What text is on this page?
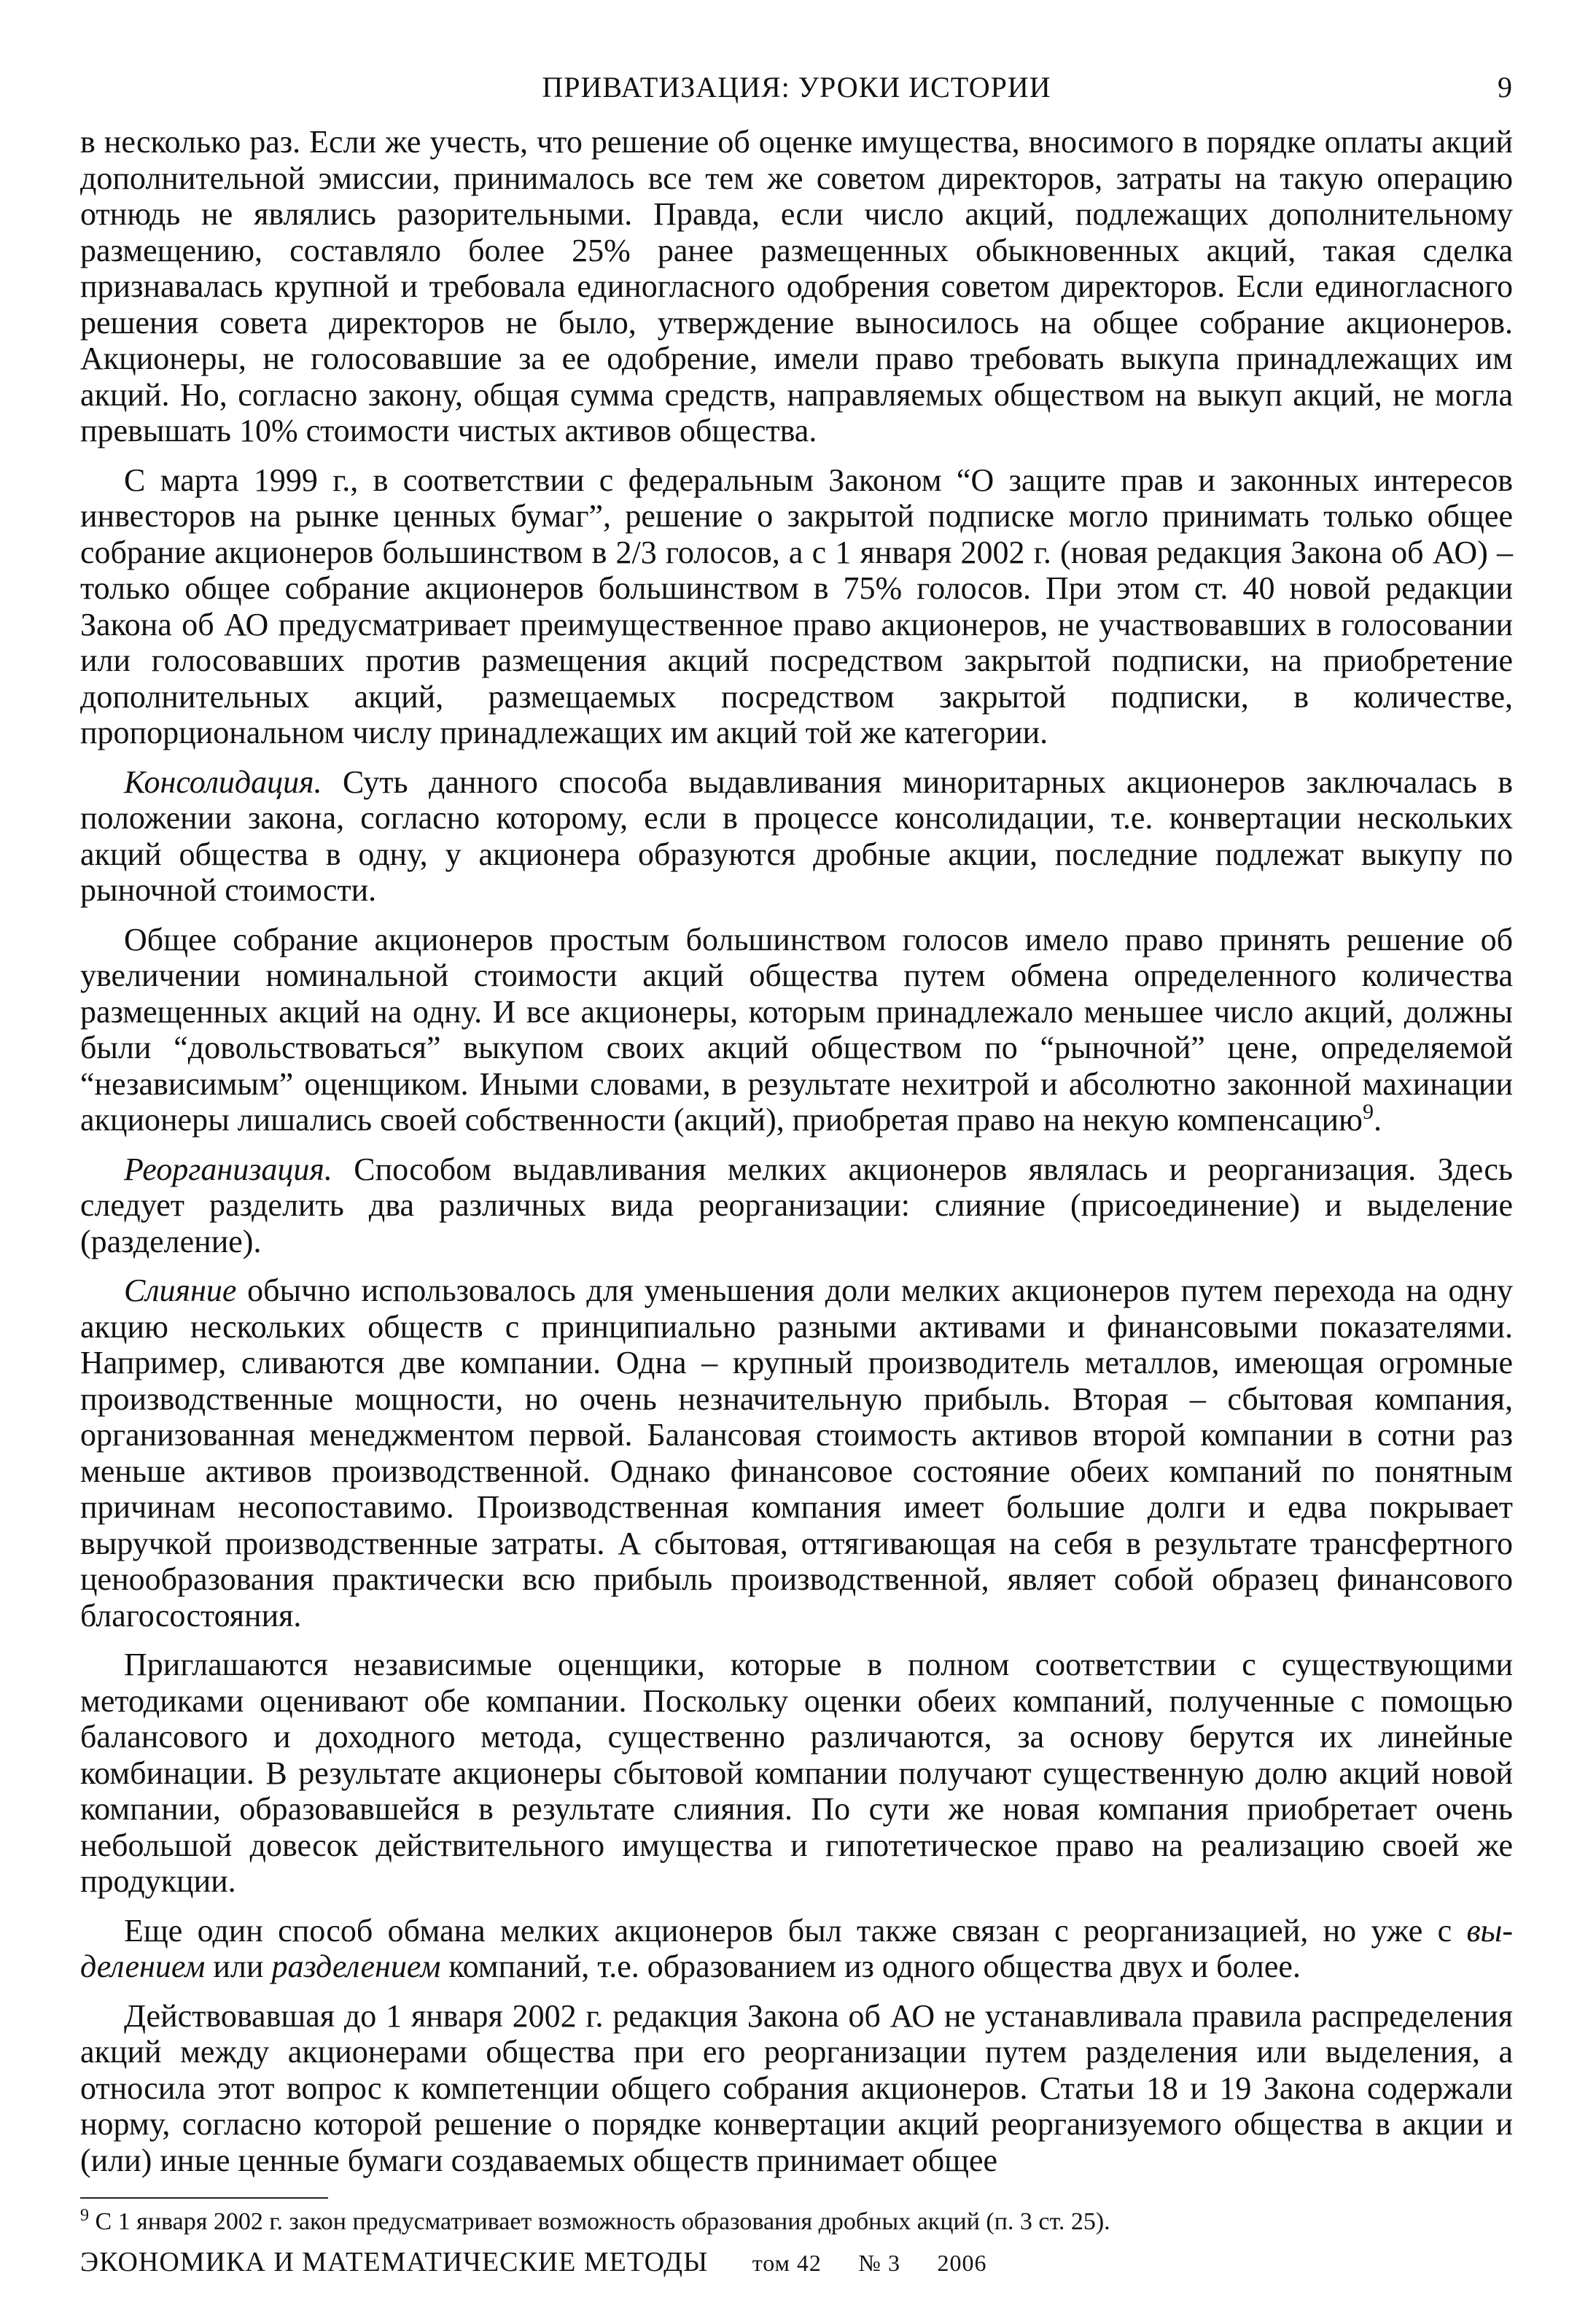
ПРИВАТИЗАЦИЯ: УРОКИ ИСТОРИИ	9

в несколько раз. Если же учесть, что решение об оценке имущества, вносимого в порядке оплаты акций дополнительной эмиссии, принималось все тем же советом директоров, затраты на такую операцию отнюдь не являлись разорительными. Правда, если число акций, подлежащих дополнительному размещению, составляло более 25% ранее размещенных обыкновенных акций, такая сделка признавалась крупной и требовала единогласного одобрения советом директоров. Если единогласного решения совета директоров не было, утверждение выносилось на общее собрание акционеров. Акционеры, не голосовавшие за ее одобрение, имели право требовать выкупа принадлежащих им акций. Но, согласно закону, общая сумма средств, направляемых обществом на выкуп акций, не могла превышать 10% стоимости чистых активов общества.

С марта 1999 г., в соответствии с федеральным Законом “О защите прав и законных интересов инвесторов на рынке ценных бумаг”, решение о закрытой подписке могло принимать только общее собрание акционеров большинством в 2/3 голосов, а с 1 января 2002 г. (новая редакция Закона об АО) – только общее собрание акционеров большинством в 75% голосов. При этом ст. 40 новой редакции Закона об АО предусматривает преимущественное право акционеров, не участвовавших в голосовании или голосовавших против размещения акций посредством закрытой подписки, на приобретение дополнительных акций, размещаемых посредством закрытой подписки, в количестве, пропорциональном числу принадлежащих им акций той же категории.

Консолидация. Суть данного способа выдавливания миноритарных акционеров заключалась в положении закона, согласно которому, если в процессе консолидации, т.е. конвертации нескольких акций общества в одну, у акционера образуются дробные акции, последние подлежат выкупу по рыночной стоимости.

Общее собрание акционеров простым большинством голосов имело право принять решение об увеличении номинальной стоимости акций общества путем обмена определенного количества размещенных акций на одну. И все акционеры, которым принадлежало меньшее число акций, должны были “довольствоваться” выкупом своих акций обществом по “рыночной” цене, определяемой “независимым” оценщиком. Иными словами, в результате нехитрой и абсолютно законной махинации акционеры лишались своей собственности (акций), приобретая право на некую компенсацию$^9$.

Реорганизация. Способом выдавливания мелких акционеров являлась и реорганизация. Здесь следует разделить два различных вида реорганизации: слияние (присоединение) и выделение (разделение).

Слияние обычно использовалось для уменьшения доли мелких акционеров путем перехода на одну акцию нескольких обществ с принципиально разными активами и финансовыми показателями. Например, сливаются две компании. Одна – крупный производитель металлов, имеющая огромные производственные мощности, но очень незначительную прибыль. Вторая – сбытовая компания, организованная менеджментом первой. Балансовая стоимость активов второй компании в сотни раз меньше активов производственной. Однако финансовое состояние обеих компаний по понятным причинам несопоставимо. Производственная компания имеет большие долги и едва покрывает выручкой производственные затраты. А сбытовая, оттягивающая на себя в результате трансфертного ценообразования практически всю прибыль производственной, являет собой образец финансового благосостояния.

Приглашаются независимые оценщики, которые в полном соответствии с существующими методиками оценивают обе компании. Поскольку оценки обеих компаний, полученные с помощью балансового и доходного метода, существенно различаются, за основу берутся их линейные комбинации. В результате акционеры сбытовой компании получают существенную долю акций новой компании, образовавшейся в результате слияния. По сути же новая компания приобретает очень небольшой довесок действительного имущества и гипотетическое право на реализацию своей же продукции.

Еще один способ обмана мелких акционеров был также связан с реорганизацией, но уже с выделением или разделением компаний, т.е. образованием из одного общества двух и более.

Действовавшая до 1 января 2002 г. редакция Закона об АО не устанавливала правила распределения акций между акционерами общества при его реорганизации путем разделения или выделения, а относила этот вопрос к компетенции общего собрания акционеров. Статьи 18 и 19 Закона содержали норму, согласно которой решение о порядке конвертации акций реорганизуемого общества в акции и (или) иные ценные бумаги создаваемых обществ принимает общее

$^9$ С 1 января 2002 г. закон предусматривает возможность образования дробных акций (п. 3 ст. 25).
ЭКОНОМИКА И МАТЕМАТИЧЕСКИЕ МЕТОДЫ том 42 № 3 2006
